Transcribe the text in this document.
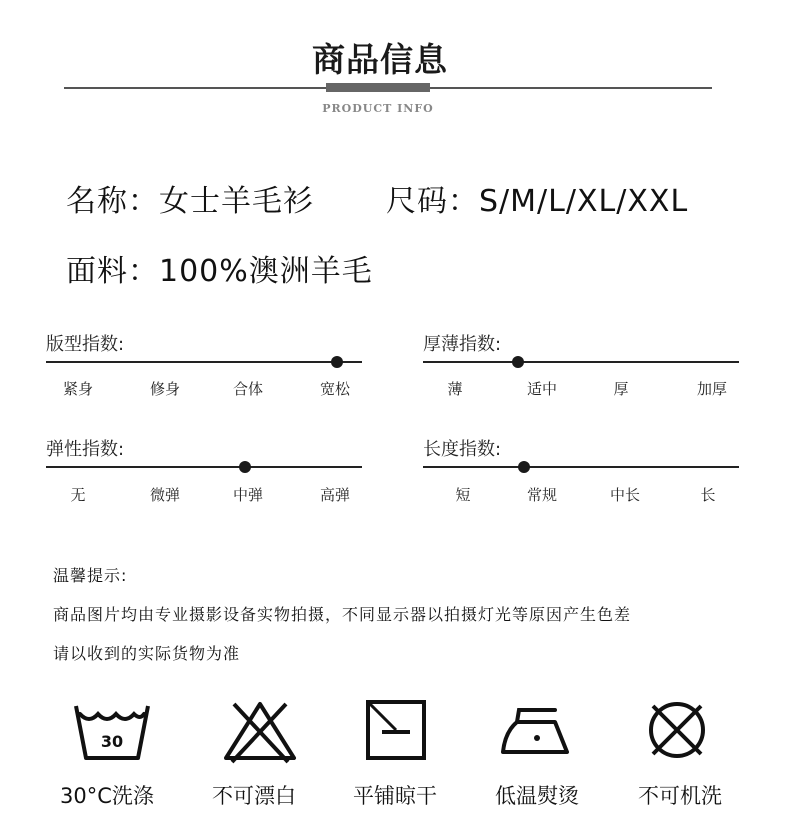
商品信息
PRODUCT INFO
名称：女士羊毛衫 尺码：S/M/L/XL/XXL
面料：100%澳洲羊毛
版型指数:
紧身	修身	合体	宽松
厚薄指数:
薄	适中	厚	加厚
弹性指数:
无	微弹	中弹	高弹
长度指数:
短	常规	中长	长
温馨提示:
商品图片均由专业摄影设备实物拍摄，不同显示器以拍摄灯光等原因产生色差
请以收到的实际货物为准
30
30°C洗涤	不可漂白	平铺晾干	低温熨烫	不可机洗
